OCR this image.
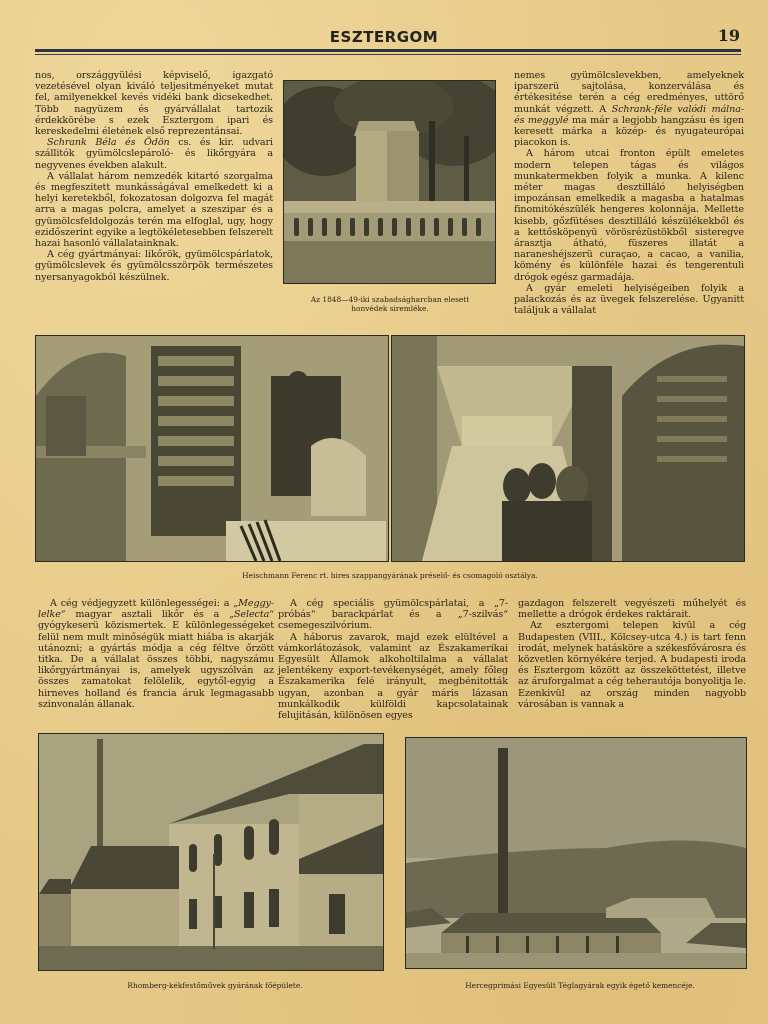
ESZTERGOM	19

nos, országgyülési képviselő, igazgató vezetésével olyan kiváló teljesitményeket mutat fel, amilyenekkel kevés vidéki bank dicsekedhet. Több nagyüzem és gyárvállalat tartozik érdekkörébe s ezek Esztergom ipari és kereskedelmi életének első reprezentánsai.

Schrank Béla és Ödön cs. és kir. udvari szállitók gyümölcslepároló- és likőrgyára a negyvenes években alakult.

A vállalat három nemzedék kitartó szorgalma és megfeszitett munkásságával emelkedett ki a helyi keretekből, fokozatosan dolgozva fel magát arra a magas polcra, amelyet a szeszipar és a gyümölcsfeldolgozás terén ma elfoglal, ugy, hogy ezidőszerint egyike a legtökéletesebben felszerelt hazai hasonló vállalatainknak.

A cég gyártmányai: likőrök, gyümölcspárlatok, gyümölcslevek és gyümölcsszörpök természetes nyersanyagokból készülnek.

Az 1848—49-iki szabadságharcban elesett honvédek siremléke.

nemes gyümölcslevekben, amelyeknek iparszerü sajtolása, konzerválása és értékesitése terén a cég eredményes, uttörő munkát végzett. A Schrank-féle valódi málna- és meggylé ma már a legjobb hangzásu és igen keresett márka a közép- és nyugateurópai piacokon is.

A három utcai fronton épült emeletes modern telepen tágas és világos munkatermekben folyik a munka. A kilenc méter magas desztilláló helyiségben impozánsan emelkedik a magasba a hatalmas finomitókészülék hengeres kolonnája. Mellette kisebb, gőzfütéses desztilláló készülékekből és a kettősköpenyü vörösrézüstökből sisteregve árasztja átható, füszeres illatát a naraneshéjszerü curaçao, a cacao, a vanilia, kömény és különféle hazai és tengerentuli drógok egész garmadája.

A gyár emeleti helyiségeiben folyik a palackozás és az üvegek felszerelése. Ugyanitt találjuk a vállalat

Heischmann Ferenc rt. hires szappangyárának préselő- és csomagoló osztálya.

A cég védjegyzett különlegességei: a „Meggy-lelke“ magyar asztali likőr és a „Selecta“ gyógykeserü közismertek. E különlegességeket felül nem mult minőségük miatt hiába is akarják utánozni; a gyártás módja a cég féltve őrzött titka. De a vállalat összes többi, nagyszámu likőrgyártmányai is, amelyek ugyszólván az összes zamatokat felölelik, egytől-egyig a hirneves holland és francia áruk legmagasabb szinvonalán állanak.

A cég speciális gyümölcspárlatai, a „7-próbás“ barackpárlat és a „7-szilvás“ csemegeszilvórium.

A háborus zavarok, majd ezek elültével a vámkorlátozások, valamint az Északamerikai Egyesült Államok alkoholtilalma a vállalat jelentékeny export-tevékenységét, amely főleg Északamerika felé irányult, megbénitották ugyan, azonban a gyár máris lázasan munkálkodik külföldi kapcsolatainak felujitásán, különösen egyes

gazdagon felszerelt vegyészeti műhelyét és mellette a drógok érdekes raktárait.

Az esztergomi telepen kivül a cég Budapesten (VIII., Kölcsey-utca 4.) is tart fenn irodát, melynek hatásköre a székesfővárosra és közvetlen környékére terjed. A budapesti iroda és Esztergom között az összeköttetést, illetve az áruforgalmat a cég teherautója bonyolitja le. Ezenkivül az ország minden nagyobb városában is vannak a

Rhomberg-kékfestőművek gyárának főépülete.	Hercegprimási Egyesült Téglagyárak egyik égető kemencéje.
